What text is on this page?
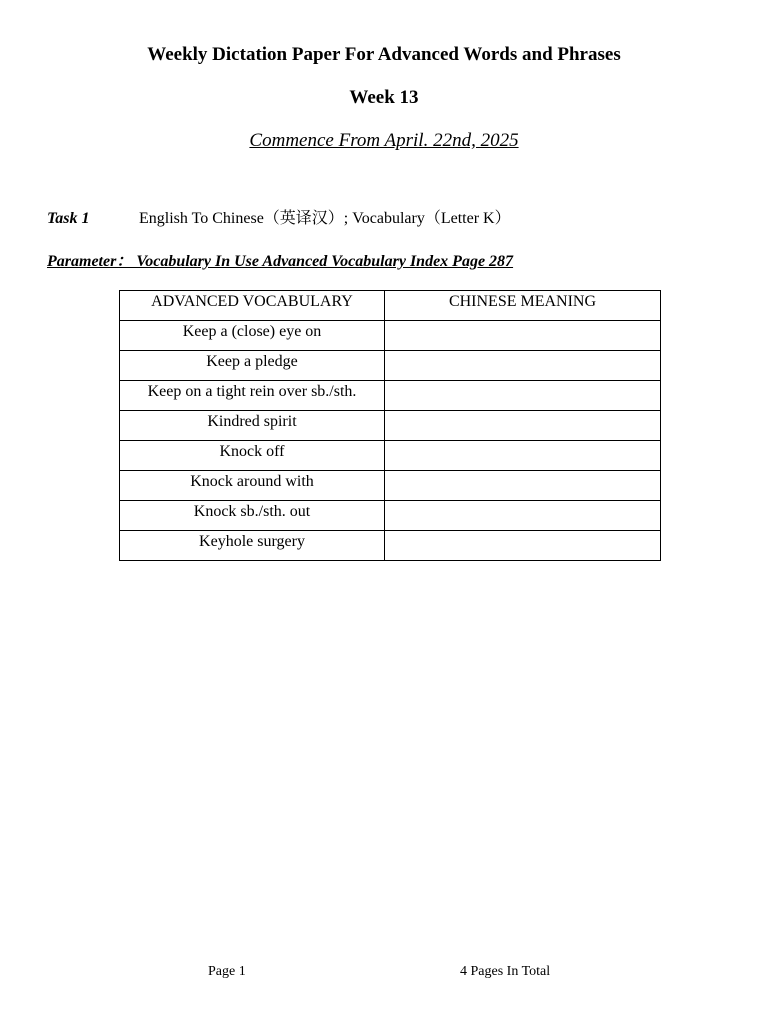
Weekly Dictation Paper For Advanced Words and Phrases
Week 13
Commence From April. 22nd, 2025
Task 1	English To Chinese（英译汉）; Vocabulary（Letter K）
Parameter： Vocabulary In Use Advanced Vocabulary Index Page 287
ADVANCED VOCABULARY	CHINESE MEANING
Keep a (close) eye on	
Keep a pledge	
Keep on a tight rein over sb./sth.	
Kindred spirit	
Knock off	
Knock around with	
Knock sb./sth. out	
Keyhole surgery	
Page 1	4 Pages In Total
